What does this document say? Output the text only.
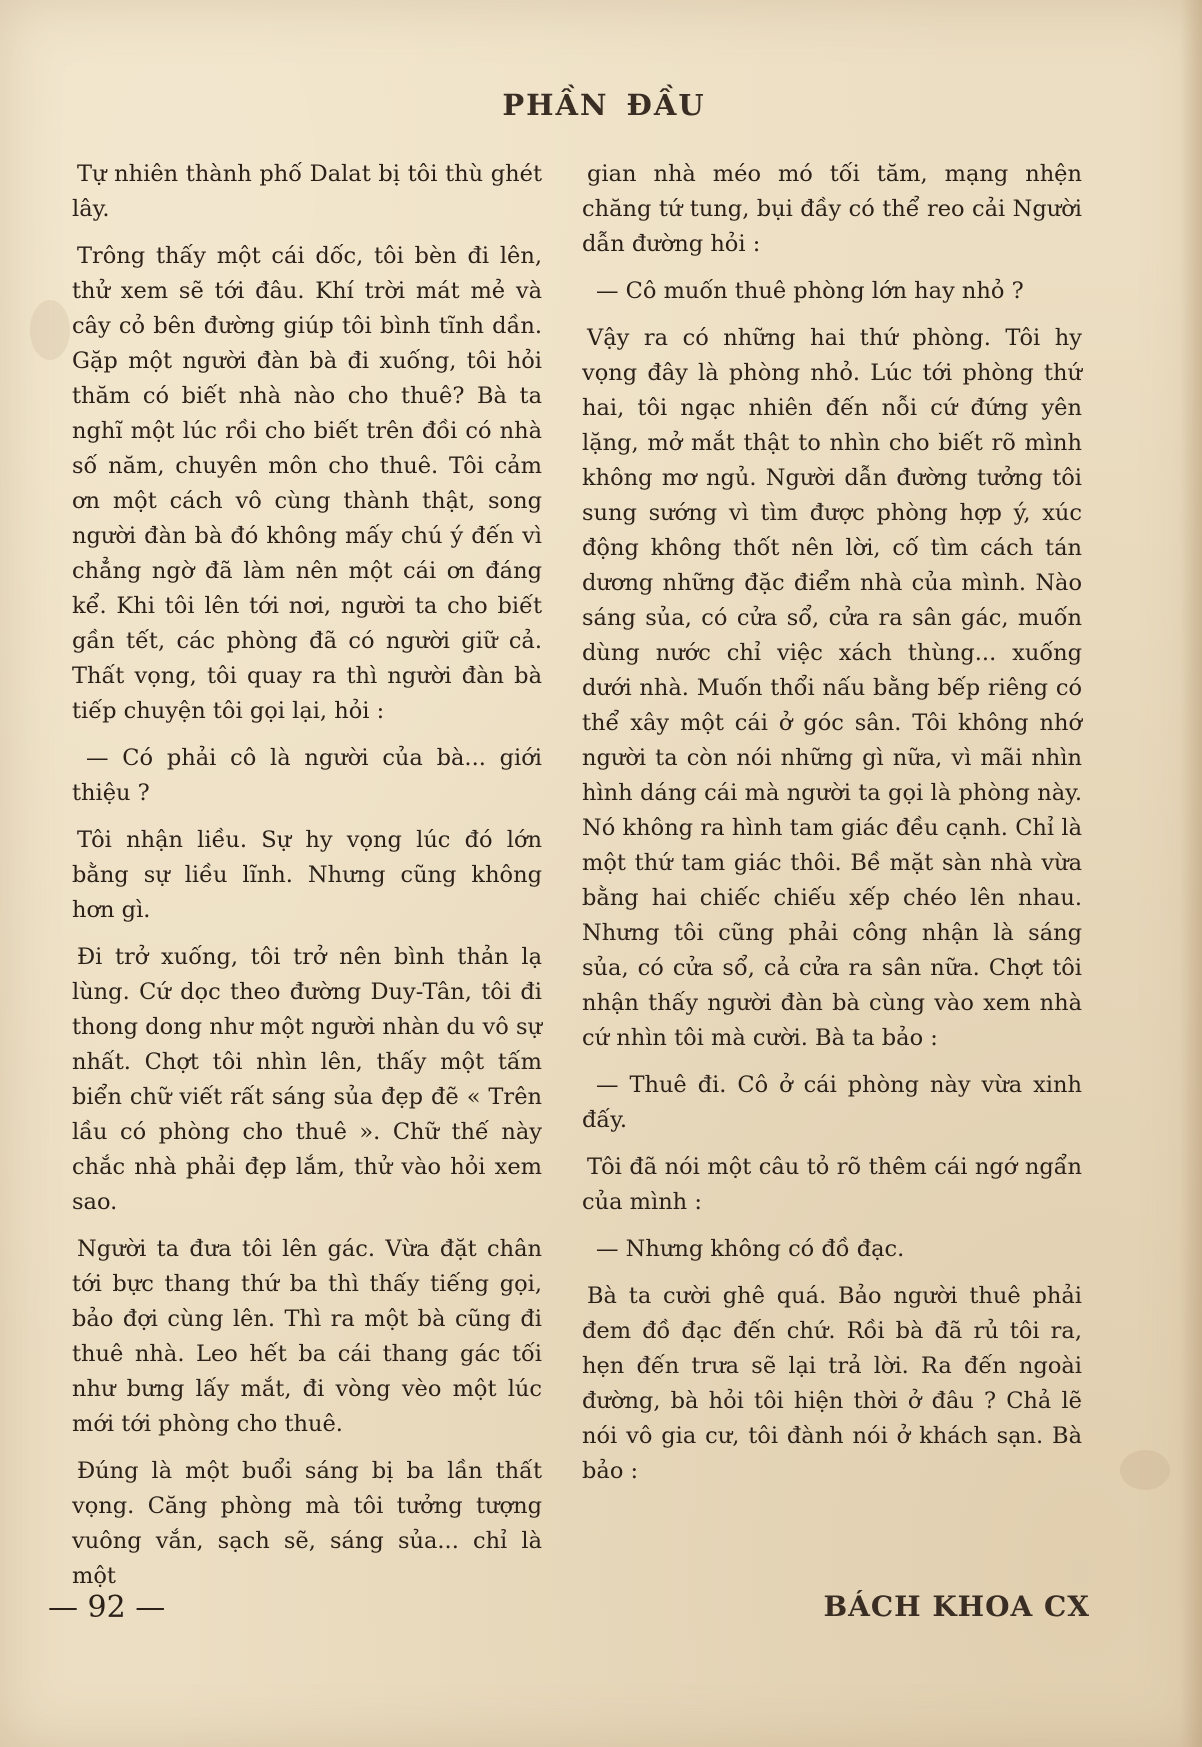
PHẦN ĐẦU

Tự nhiên thành phố Dalat bị tôi thù ghét lây.

Trông thấy một cái dốc, tôi bèn đi lên, thử xem sẽ tới đâu. Khí trời mát mẻ và cây cỏ bên đường giúp tôi bình tĩnh dần. Gặp một người đàn bà đi xuống, tôi hỏi thăm có biết nhà nào cho thuê? Bà ta nghĩ một lúc rồi cho biết trên đồi có nhà số năm, chuyên môn cho thuê. Tôi cảm ơn một cách vô cùng thành thật, song người đàn bà đó không mấy chú ý đến vì chẳng ngờ đã làm nên một cái ơn đáng kể. Khi tôi lên tới nơi, người ta cho biết gần tết, các phòng đã có người giữ cả. Thất vọng, tôi quay ra thì người đàn bà tiếp chuyện tôi gọi lại, hỏi :

— Có phải cô là người của bà... giới thiệu ?

Tôi nhận liều. Sự hy vọng lúc đó lớn bằng sự liều lĩnh. Nhưng cũng không hơn gì.

Đi trở xuống, tôi trở nên bình thản lạ lùng. Cứ dọc theo đường Duy-Tân, tôi đi thong dong như một người nhàn du vô sự nhất. Chợt tôi nhìn lên, thấy một tấm biển chữ viết rất sáng sủa đẹp đẽ « Trên lầu có phòng cho thuê ». Chữ thế này chắc nhà phải đẹp lắm, thử vào hỏi xem sao.

Người ta đưa tôi lên gác. Vừa đặt chân tới bực thang thứ ba thì thấy tiếng gọi, bảo đợi cùng lên. Thì ra một bà cũng đi thuê nhà. Leo hết ba cái thang gác tối như bưng lấy mắt, đi vòng vèo một lúc mới tới phòng cho thuê.

Đúng là một buổi sáng bị ba lần thất vọng. Căng phòng mà tôi tưởng tượng vuông vắn, sạch sẽ, sáng sủa... chỉ là một

gian nhà méo mó tối tăm, mạng nhện chăng tứ tung, bụi đầy có thể reo cải Người dẫn đường hỏi :

— Cô muốn thuê phòng lớn hay nhỏ ?

Vậy ra có những hai thứ phòng. Tôi hy vọng đây là phòng nhỏ. Lúc tới phòng thứ hai, tôi ngạc nhiên đến nỗi cứ đứng yên lặng, mở mắt thật to nhìn cho biết rõ mình không mơ ngủ. Người dẫn đường tưởng tôi sung sướng vì tìm được phòng hợp ý, xúc động không thốt nên lời, cố tìm cách tán dương những đặc điểm nhà của mình. Nào sáng sủa, có cửa sổ, cửa ra sân gác, muốn dùng nước chỉ việc xách thùng... xuống dưới nhà. Muốn thổi nấu bằng bếp riêng có thể xây một cái ở góc sân. Tôi không nhớ người ta còn nói những gì nữa, vì mãi nhìn hình dáng cái mà người ta gọi là phòng này. Nó không ra hình tam giác đều cạnh. Chỉ là một thứ tam giác thôi. Bề mặt sàn nhà vừa bằng hai chiếc chiếu xếp chéo lên nhau. Nhưng tôi cũng phải công nhận là sáng sủa, có cửa sổ, cả cửa ra sân nữa. Chợt tôi nhận thấy người đàn bà cùng vào xem nhà cứ nhìn tôi mà cười. Bà ta bảo :

— Thuê đi. Cô ở cái phòng này vừa xinh đấy.

Tôi đã nói một câu tỏ rõ thêm cái ngớ ngẩn của mình :

— Nhưng không có đồ đạc.

Bà ta cười ghê quá. Bảo người thuê phải đem đồ đạc đến chứ. Rồi bà đã rủ tôi ra, hẹn đến trưa sẽ lại trả lời. Ra đến ngoài đường, bà hỏi tôi hiện thời ở đâu ? Chả lẽ nói vô gia cư, tôi đành nói ở khách sạn. Bà bảo :

— 92 —	BÁCH KHOA CX
